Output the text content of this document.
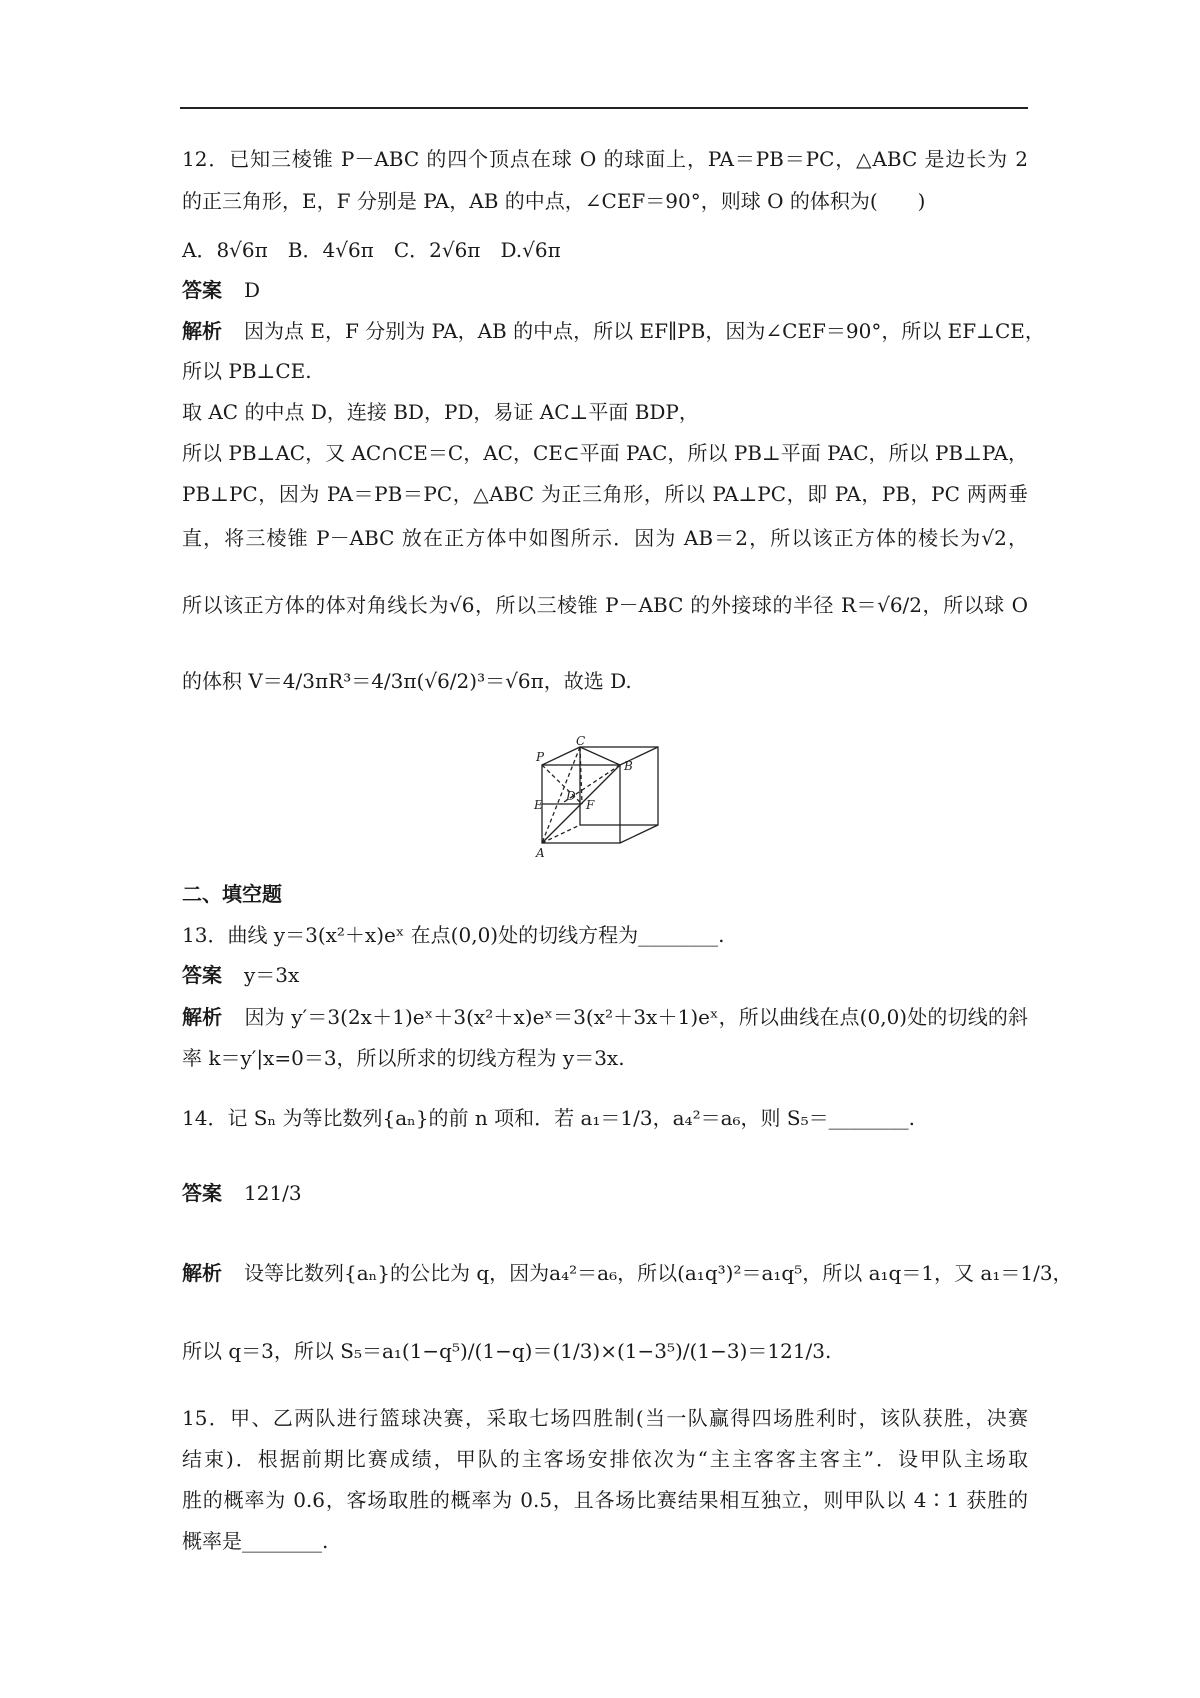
12．已知三棱锥 P－ABC 的四个顶点在球 O 的球面上，PA＝PB＝PC，△ABC 是边长为 2
的正三角形，E，F 分别是 PA，AB 的中点，∠CEF＝90°，则球 O 的体积为(　　)
A．8√6π　B．4√6π　C．2√6π　D.√6π
答案 D
解析 因为点 E，F 分别为 PA，AB 的中点，所以 EF∥PB，因为∠CEF＝90°，所以 EF⊥CE，
所以 PB⊥CE.
取 AC 的中点 D，连接 BD，PD，易证 AC⊥平面 BDP，
所以 PB⊥AC，又 AC∩CE＝C，AC，CE⊂平面 PAC，所以 PB⊥平面 PAC，所以 PB⊥PA，
PB⊥PC，因为 PA＝PB＝PC，△ABC 为正三角形，所以 PA⊥PC，即 PA，PB，PC 两两垂
直，将三棱锥 P－ABC 放在正方体中如图所示．因为 AB＝2，所以该正方体的棱长为√2，
所以该正方体的体对角线长为√6，所以三棱锥 P－ABC 的外接球的半径 R＝√6/2，所以球 O
的体积 V＝4/3πR³＝4/3π(√6/2)³＝√6π，故选 D.
C
P
B
D
E	F
A
二、填空题
13．曲线 y＝3(x²＋x)eˣ 在点(0,0)处的切线方程为________.
答案 y＝3x
解析 因为 y′＝3(2x＋1)eˣ＋3(x²＋x)eˣ＝3(x²＋3x＋1)eˣ，所以曲线在点(0,0)处的切线的斜
率 k＝y′|x=0＝3，所以所求的切线方程为 y＝3x.
14．记 Sₙ 为等比数列{aₙ}的前 n 项和．若 a₁＝1/3，a₄²＝a₆，则 S₅＝________.
答案 121/3
解析 设等比数列{aₙ}的公比为 q，因为a₄²＝a₆，所以(a₁q³)²＝a₁q⁵，所以 a₁q＝1，又 a₁＝1/3，
所以 q＝3，所以 S₅＝a₁(1−q⁵)/(1−q)＝(1/3)×(1−3⁵)/(1−3)＝121/3.
15．甲、乙两队进行篮球决赛，采取七场四胜制(当一队赢得四场胜利时，该队获胜，决赛
结束)．根据前期比赛成绩，甲队的主客场安排依次为“主主客客主客主”．设甲队主场取
胜的概率为 0.6，客场取胜的概率为 0.5，且各场比赛结果相互独立，则甲队以 4∶1 获胜的
概率是________.
